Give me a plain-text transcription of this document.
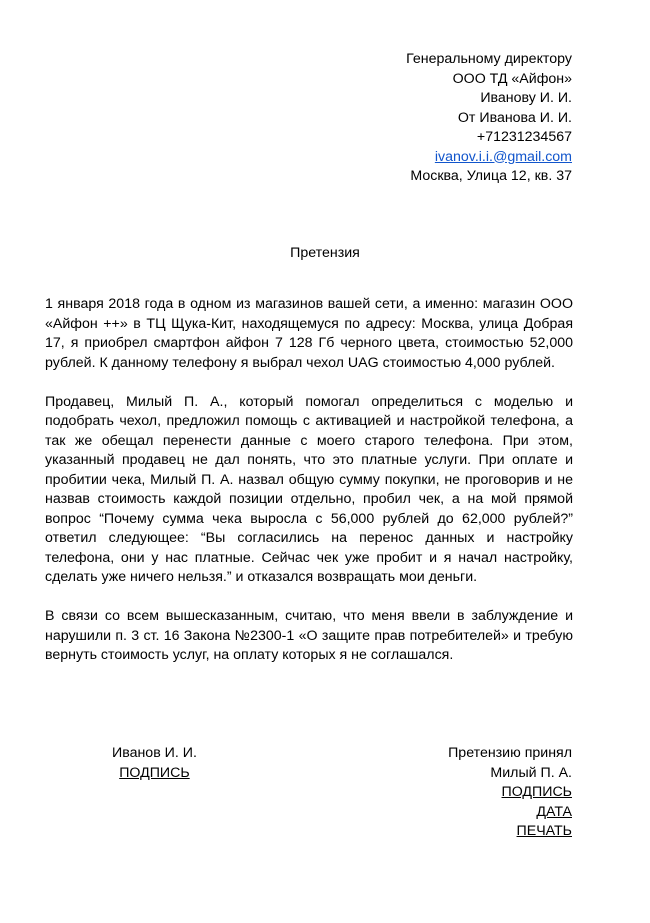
Генеральному директору
ООО ТД «Айфон»
Иванову И. И.
От Иванова И. И.
+71231234567
ivanov.i.i.@gmail.com
Москва, Улица 12, кв. 37
Претензия

1 января 2018 года в одном из магазинов вашей сети, а именно: магазин ООО «Айфон ++» в ТЦ Щука-Кит, находящемуся по адресу: Москва, улица Добрая 17, я приобрел смартфон айфон 7 128 Гб черного цвета, стоимостью 52,000 рублей. К данному телефону я выбрал чехол UAG стоимостью 4,000 рублей.

Продавец, Милый П. А., который помогал определиться с моделью и подобрать чехол, предложил помощь с активацией и настройкой телефона, а так же обещал перенести данные с моего старого телефона. При этом, указанный продавец не дал понять, что это платные услуги. При оплате и пробитии чека, Милый П. А. назвал общую сумму покупки, не проговорив и не назвав стоимость каждой позиции отдельно, пробил чек, а на мой прямой вопрос “Почему сумма чека выросла с 56,000 рублей до 62,000 рублей?” ответил следующее: “Вы согласились на перенос данных и настройку телефона, они у нас платные. Сейчас чек уже пробит и я начал настройку, сделать уже ничего нельзя.” и отказался возвращать мои деньги.

В связи со всем вышесказанным, считаю, что меня ввели в заблуждение и нарушили п. 3 ст. 16 Закона №2300-1 «О защите прав потребителей» и требую вернуть стоимость услуг, на оплату которых я не соглашался.

Иванов И. И.
ПОДПИСЬ
Претензию принял
Милый П. А.
ПОДПИСЬ
ДАТА
ПЕЧАТЬ
